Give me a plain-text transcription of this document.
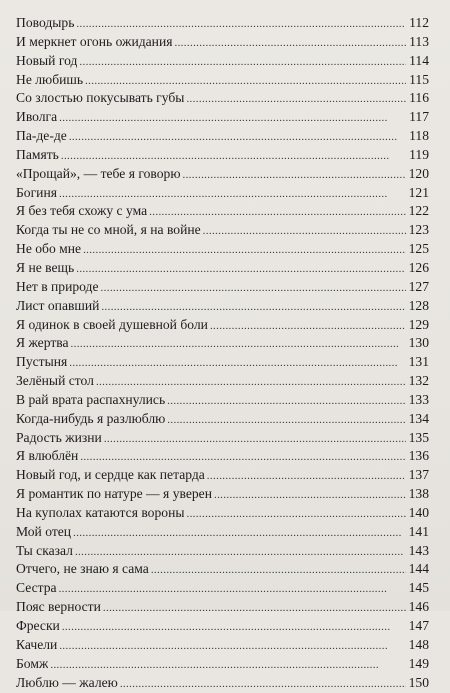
Поводырь . . .	112
И меркнет огонь ожидания . . .	113
Новый год . . .	114
Не любишь . . .	115
Со злостью покусывать губы . . .	116
Иволга . . .	117
Па-де-де . . .	118
Память . . .	119
«Прощай», — тебе я говорю . . .	120
Богиня . . .	121
Я без тебя схожу с ума . . .	122
Когда ты не со мной, я на войне . . .	123
Не обо мне . . .	125
Я не вещь . . .	126
Нет в природе . . .	127
Лист опавший . . .	128
Я одинок в своей душевной боли . . .	129
Я жертва . . .	130
Пустыня . . .	131
Зелёный стол . . .	132
В рай врата распахнулись . . .	133
Когда-нибудь я разлюблю . . .	134
Радость жизни . . .	135
Я влюблён . . .	136
Новый год, и сердце как петарда . . .	137
Я романтик по натуре — я уверен . . .	138
На куполах катаются вороны . . .	140
Мой отец . . .	141
Ты сказал . . .	143
Отчего, не знаю я сама . . .	144
Сестра . . .	145
Пояс верности . . .	146
Фрески . . .	147
Качели . . .	148
Бомж . . .	149
Люблю — жалею . . .	150
